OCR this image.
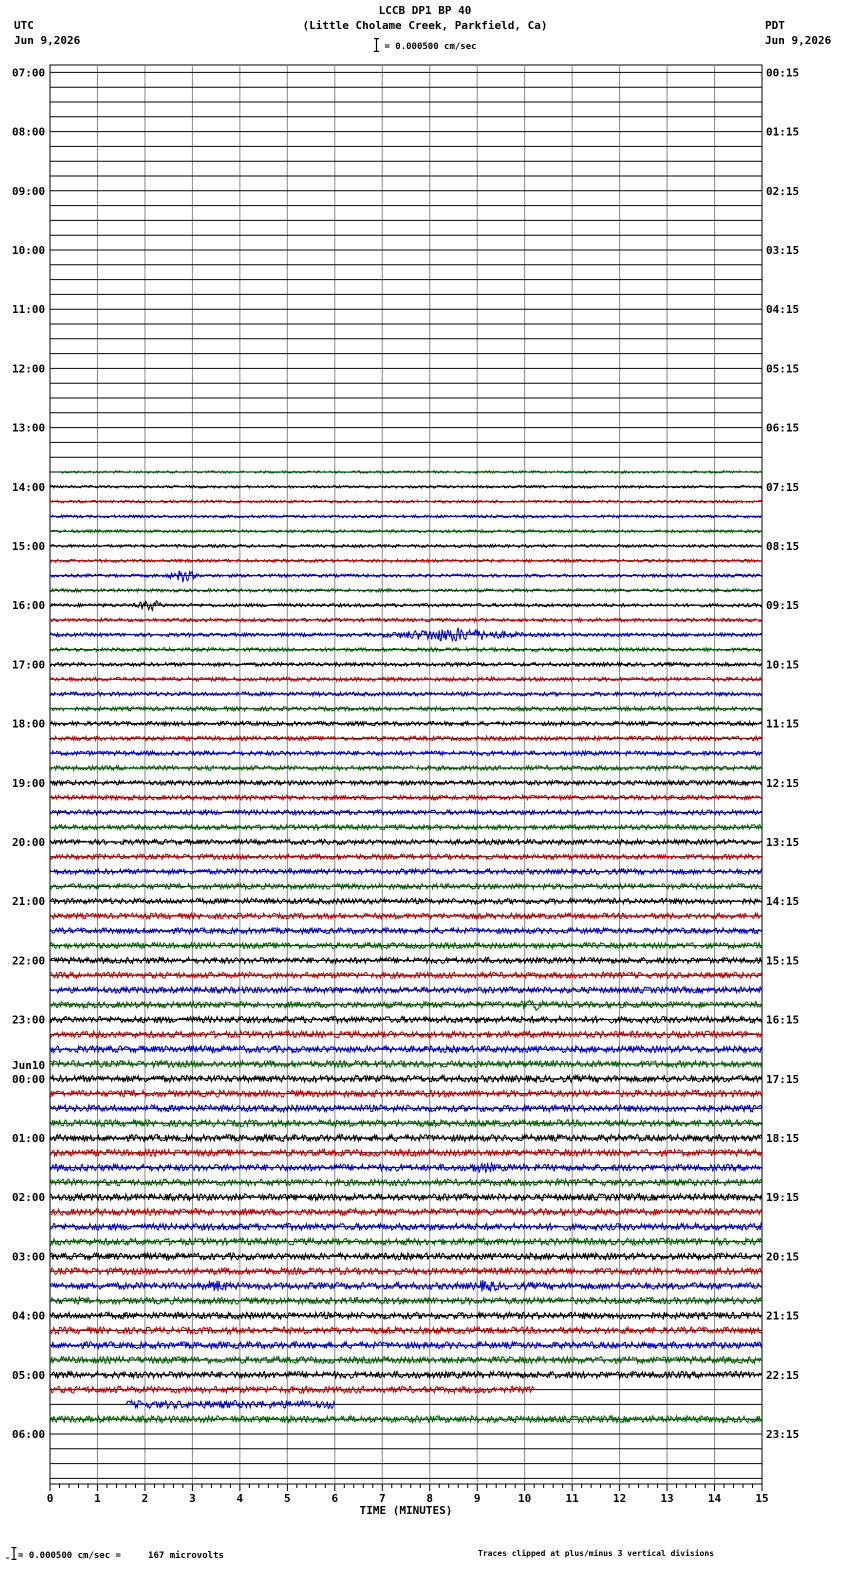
LCCB DP1 BP 40
(Little Cholame Creek, Parkfield, Ca)
= 0.000500 cm/sec
UTC
Jun 9,2026
PDT
Jun 9,2026
07:00
08:00
09:00
10:00
11:00
12:00
13:00
14:00
15:00
16:00
17:00
18:00
19:00
20:00
21:00
22:00
23:00
00:00
01:00
02:00
03:00
04:00
05:00
06:00
00:15
01:15
02:15
03:15
04:15
05:15
06:15
07:15
08:15
09:15
10:15
11:15
12:15
13:15
14:15
15:15
16:15
17:15
18:15
19:15
20:15
21:15
22:15
23:15
Jun10
0	1	2	3	4	5	6	7	8	9	10	11	12	13	14	15
TIME (MINUTES)
= 0.000500 cm/sec =     167 microvolts	Traces clipped at plus/minus 3 vertical divisions
